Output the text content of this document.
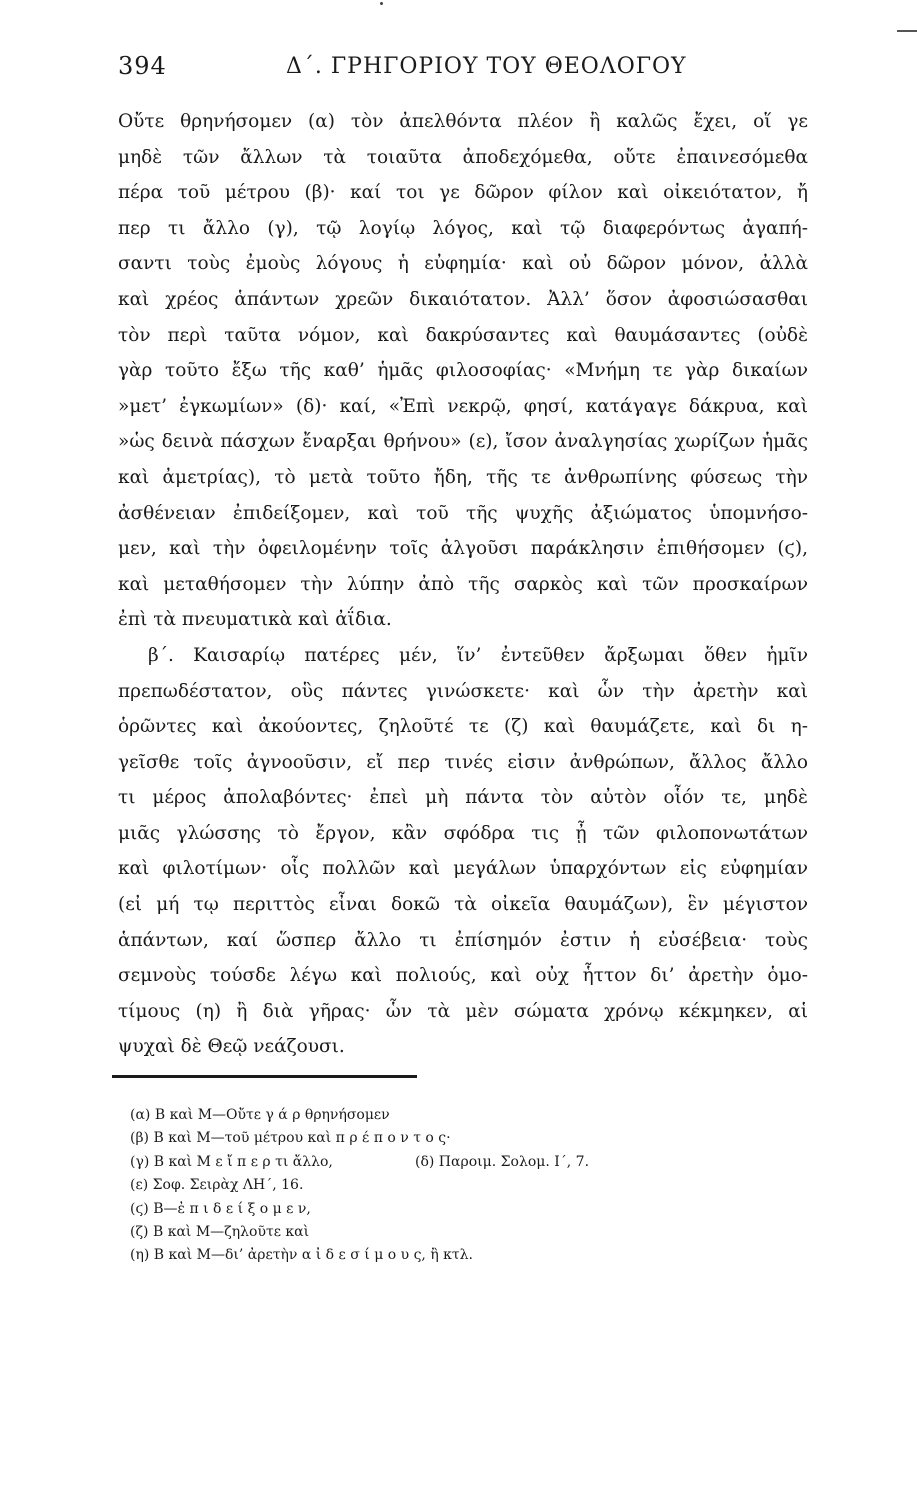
394	Δ΄. ΓΡΗΓΟΡΙΟΥ ΤΟΥ ΘΕΟΛΟΓΟΥ
Οὔτε θρηνήσομεν (α) τὸν ἀπελθόντα πλέον ἢ καλῶς ἔχει, οἵ γε
μηδὲ τῶν ἄλλων τὰ τοιαῦτα ἀποδεχόμεθα, οὔτε ἐπαινεσόμεθα
πέρα τοῦ μέτρου (β)· καί τοι γε δῶρον φίλον καὶ οἰκειότατον, ἤ
περ τι ἄλλο (γ), τῷ λογίῳ λόγος, καὶ τῷ διαφερόντως ἀγαπή-
σαντι τοὺς ἐμοὺς λόγους ἡ εὐφημία· καὶ οὐ δῶρον μόνον, ἀλλὰ
καὶ χρέος ἁπάντων χρεῶν δικαιότατον. Ἀλλ’ ὅσον ἀφοσιώσασθαι
τὸν περὶ ταῦτα νόμον, καὶ δακρύσαντες καὶ θαυμάσαντες (οὐδὲ
γὰρ τοῦτο ἔξω τῆς καθ’ ἡμᾶς φιλοσοφίας· «Μνήμη τε γὰρ δικαίων
»μετ’ ἐγκωμίων» (δ)· καί, «Ἐπὶ νεκρῷ, φησί, κατάγαγε δάκρυα, καὶ
»ὡς δεινὰ πάσχων ἔναρξαι θρήνου» (ε), ἴσον ἀναλγησίας χωρίζων ἡμᾶς
καὶ ἀμετρίας), τὸ μετὰ τοῦτο ἤδη, τῆς τε ἀνθρωπίνης φύσεως τὴν
ἀσθένειαν ἐπιδείξομεν, καὶ τοῦ τῆς ψυχῆς ἀξιώματος ὑπομνήσο-
μεν, καὶ τὴν ὀφειλομένην τοῖς ἀλγοῦσι παράκλησιν ἐπιθήσομεν (ϛ),
καὶ μεταθήσομεν τὴν λύπην ἀπὸ τῆς σαρκὸς καὶ τῶν προσκαίρων
ἐπὶ τὰ πνευματικὰ καὶ ἀΐδια.
β΄. Καισαρίῳ πατέρες μέν, ἵν’ ἐντεῦθεν ἄρξωμαι ὅθεν ἡμῖν
πρεπωδέστατον, οὓς πάντες γινώσκετε· καὶ ὧν τὴν ἀρετὴν καὶ
ὁρῶντες καὶ ἀκούοντες, ζηλοῦτέ τε (ζ) καὶ θαυμάζετε, καὶ δι η-
γεῖσθε τοῖς ἀγνοοῦσιν, εἴ περ τινές εἰσιν ἀνθρώπων, ἄλλος ἄλλο
τι μέρος ἀπολαβόντες· ἐπεὶ μὴ πάντα τὸν αὐτὸν οἷόν τε, μηδὲ
μιᾶς γλώσσης τὸ ἔργον, κἂν σφόδρα τις ᾖ τῶν φιλοπονωτάτων
καὶ φιλοτίμων· οἷς πολλῶν καὶ μεγάλων ὑπαρχόντων εἰς εὐφημίαν
(εἰ μή τῳ περιττὸς εἶναι δοκῶ τὰ οἰκεῖα θαυμάζων), ἓν μέγιστον
ἁπάντων, καί ὥσπερ ἄλλο τι ἐπίσημόν ἐστιν ἡ εὐσέβεια· τοὺς
σεμνοὺς τούσδε λέγω καὶ πολιούς, καὶ οὐχ ἧττον δι’ ἀρετὴν ὁμο-
τίμους (η) ἢ διὰ γῆρας· ὧν τὰ μὲν σώματα χρόνῳ κέκμηκεν, αἱ
ψυχαὶ δὲ Θεῷ νεάζουσι.
(α) Β καὶ Μ—Οὔτε γ ά ρ θρηνήσομεν
(β) Β καὶ Μ—τοῦ μέτρου καὶ π ρ έ π ο ν τ ο ς·
(γ) Β καὶ Μ ε ἴ π ε ρ τι ἄλλο,	(δ) Παροιμ. Σολομ. Ι΄, 7.
(ε) Σοφ. Σειρὰχ ΛΗ΄, 16.
(ϛ) Β—ἐ π ι δ ε ί ξ ο μ ε ν,
(ζ) Β καὶ Μ—ζηλοῦτε καὶ
(η) Β καὶ Μ—δι’ ἀρετὴν α ἰ δ ε σ ί μ ο υ ς, ἢ κτλ.
